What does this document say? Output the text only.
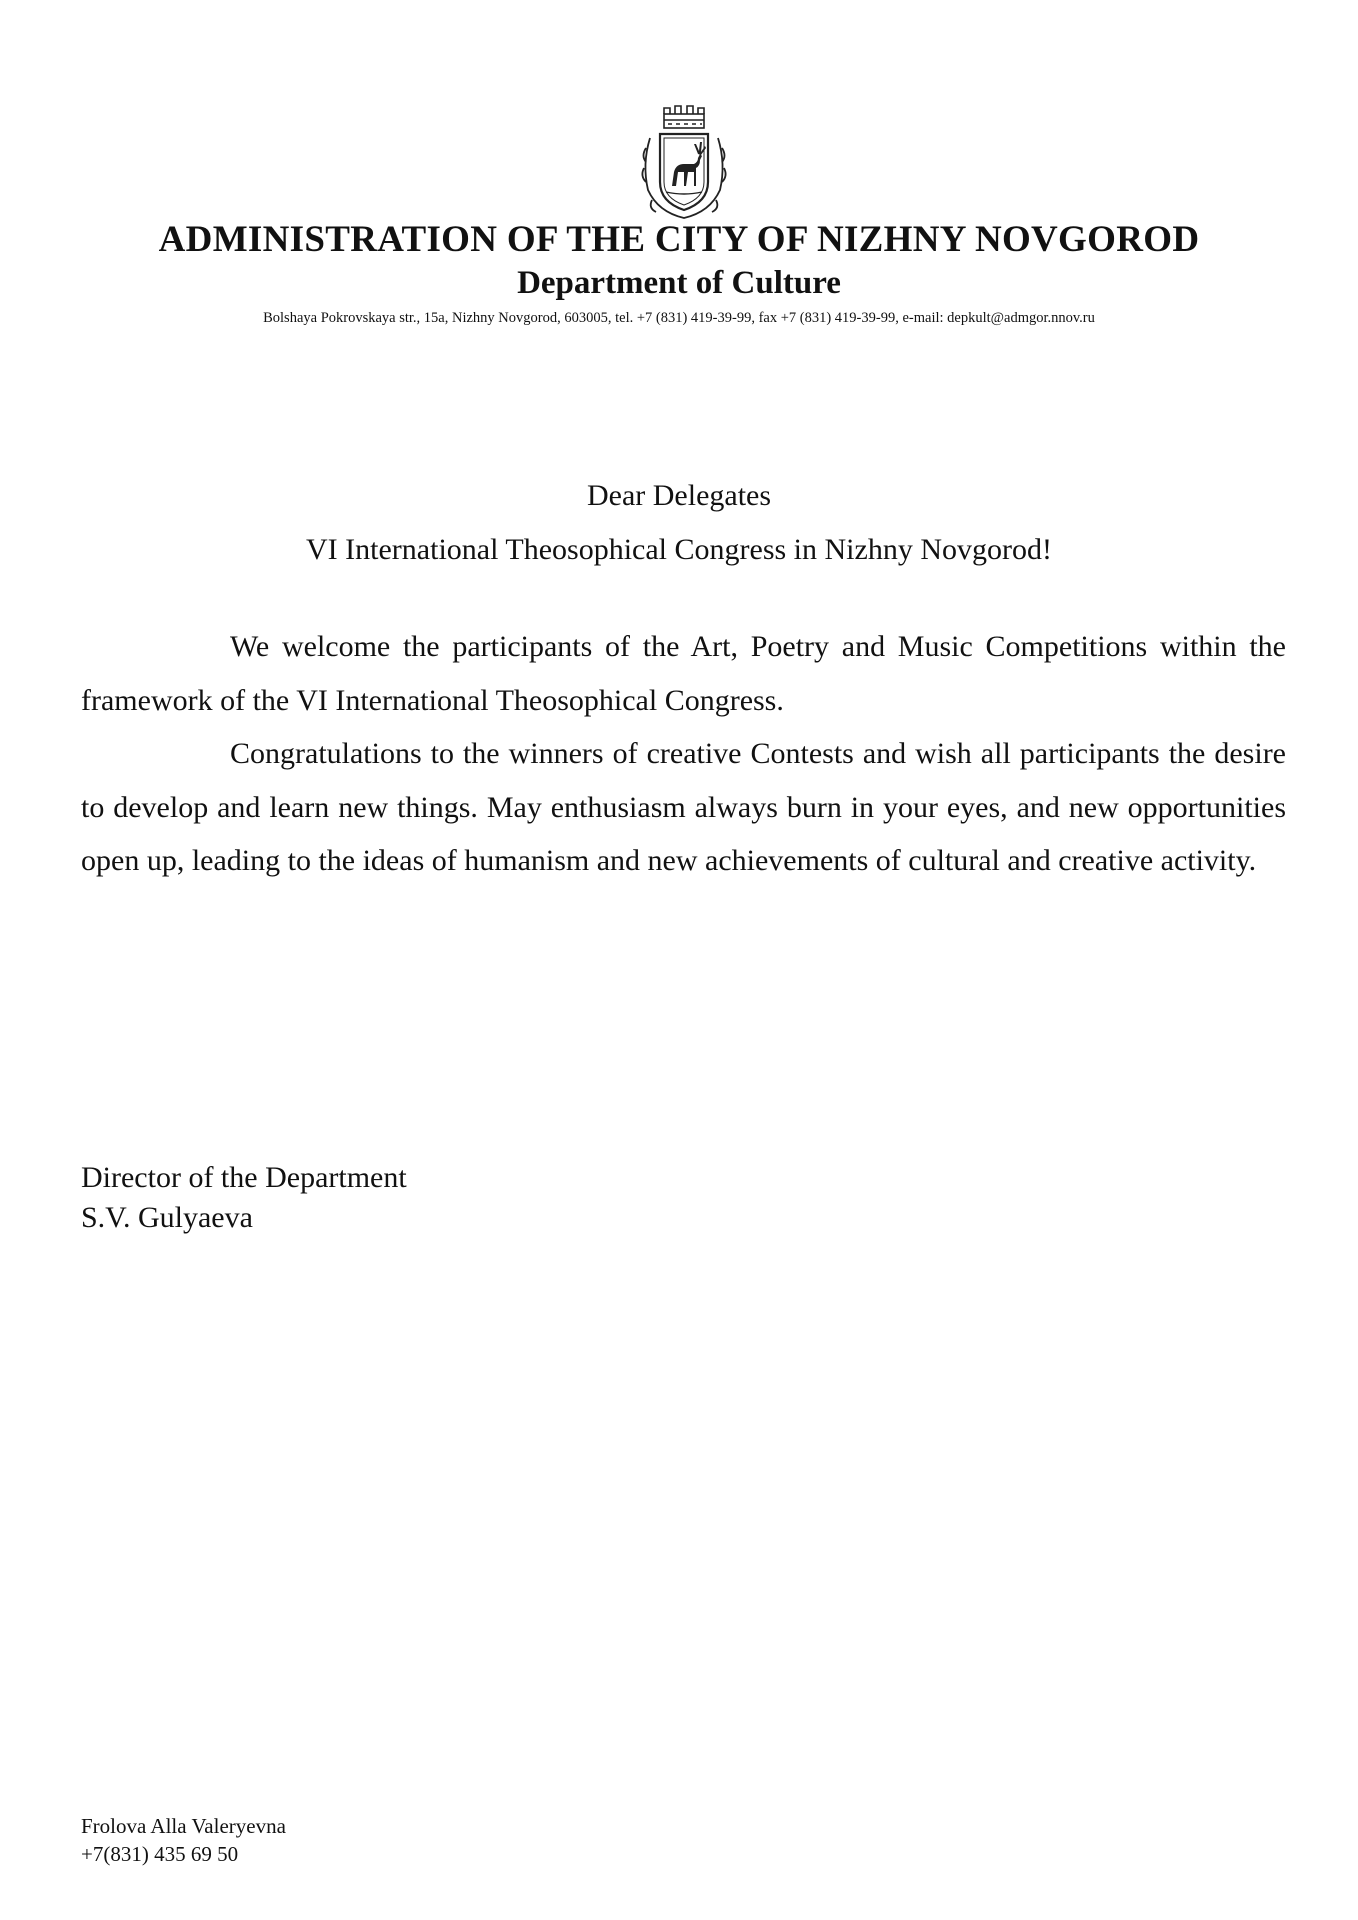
ADMINISTRATION OF THE CITY OF NIZHNY NOVGOROD
Department of Culture
Bolshaya Pokrovskaya str., 15a, Nizhny Novgorod, 603005, tel. +7 (831) 419-39-99, fax +7 (831) 419-39-99, e-mail: depkult@admgor.nnov.ru
Dear Delegates
VI International Theosophical Congress in Nizhny Novgorod!

We welcome the participants of the Art, Poetry and Music Competitions within the framework of the VI International Theosophical Congress.

Congratulations to the winners of creative Contests and wish all participants the desire to develop and learn new things. May enthusiasm always burn in your eyes, and new opportunities open up, leading to the ideas of humanism and new achievements of cultural and creative activity.

Director of the Department
S.V. Gulyaeva
Frolova Alla Valeryevna
+7(831) 435 69 50
